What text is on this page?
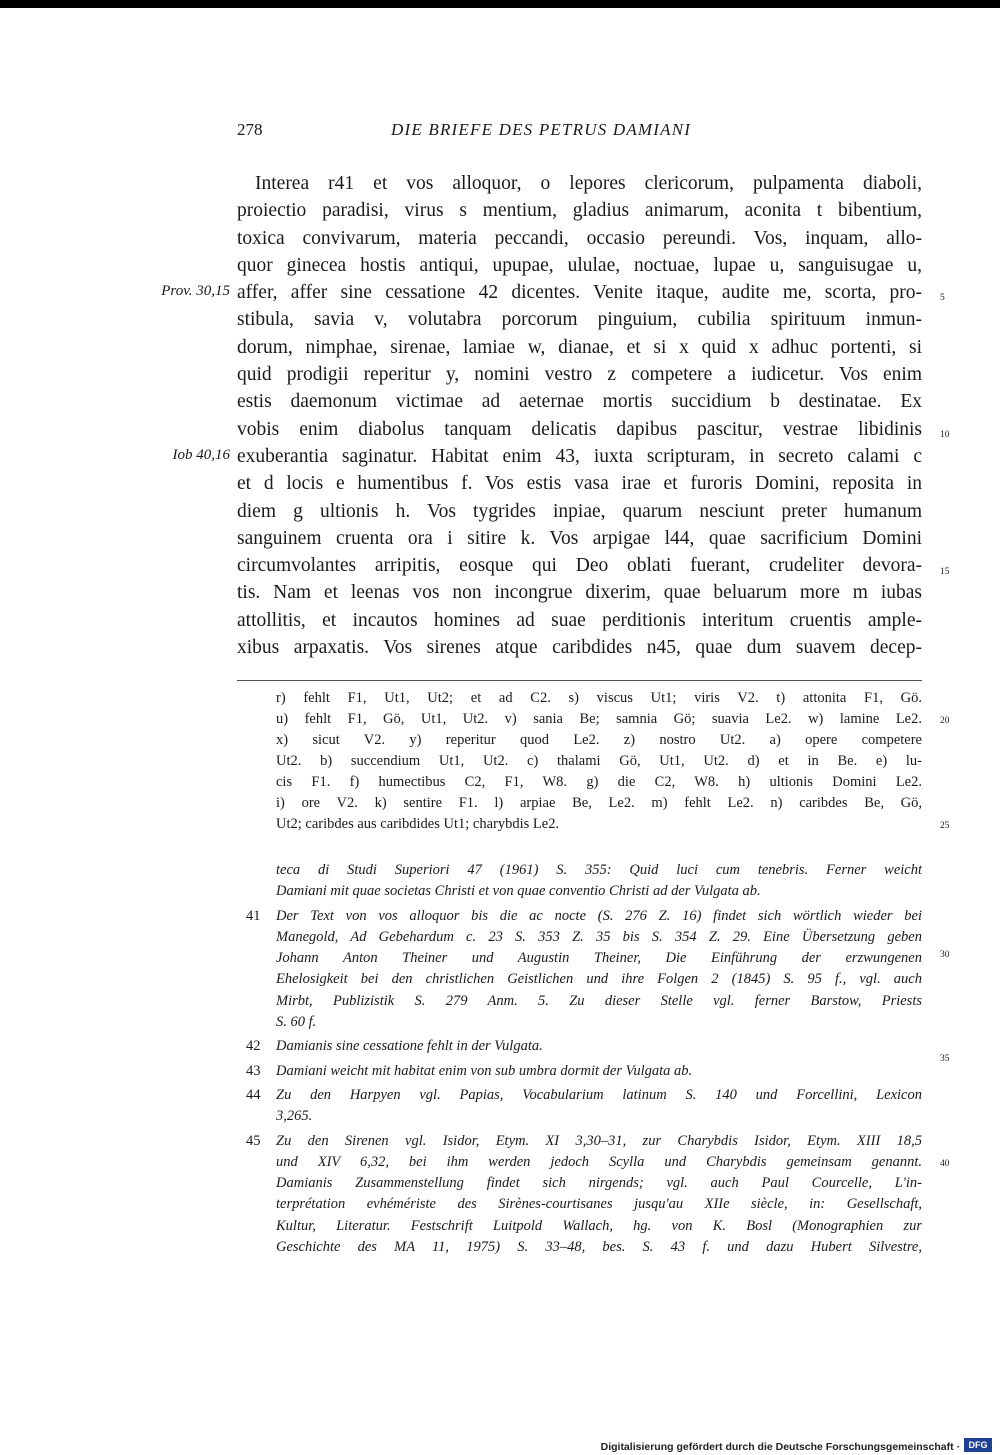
278	DIE BRIEFE DES PETRUS DAMIANI
Prov. 30,15
Iob 40,16
5
10
15
20
25
30
35
40
Interea r41 et vos alloquor, o lepores clericorum, pulpamenta diaboli,
proiectio paradisi, virus s mentium, gladius animarum, aconita t bibentium,
toxica convivarum, materia peccandi, occasio pereundi. Vos, inquam, allo-
quor ginecea hostis antiqui, upupae, ululae, noctuae, lupae u, sanguisugae u,
affer, affer sine cessatione 42 dicentes. Venite itaque, audite me, scorta, pro-
stibula, savia v, volutabra porcorum pinguium, cubilia spirituum inmun-
dorum, nimphae, sirenae, lamiae w, dianae, et si x quid x adhuc portenti, si
quid prodigii reperitur y, nomini vestro z competere a iudicetur. Vos enim
estis daemonum victimae ad aeternae mortis succidium b destinatae. Ex
vobis enim diabolus tanquam delicatis dapibus pascitur, vestrae libidinis
exuberantia saginatur. Habitat enim 43, iuxta scripturam, in secreto calami c
et d locis e humentibus f. Vos estis vasa irae et furoris Domini, reposita in
diem g ultionis h. Vos tygrides inpiae, quarum nesciunt preter humanum
sanguinem cruenta ora i sitire k. Vos arpigae l44, quae sacrificium Domini
circumvolantes arripitis, eosque qui Deo oblati fuerant, crudeliter devora-
tis. Nam et leenas vos non incongrue dixerim, quae beluarum more m iubas
attollitis, et incautos homines ad suae perditionis interitum cruentis ample-
xibus arpaxatis. Vos sirenes atque caribdides n45, quae dum suavem decep-
r) fehlt F1, Ut1, Ut2; et ad C2. s) viscus Ut1; viris V2. t) attonita F1, Gö.
u) fehlt F1, Gö, Ut1, Ut2. v) sania Be; samnia Gö; suavia Le2. w) lamine Le2.
x) sicut V2. y) reperitur quod Le2. z) nostro Ut2. a) opere competere
Ut2. b) succendium Ut1, Ut2. c) thalami Gö, Ut1, Ut2. d) et in Be. e) lu-
cis F1. f) humectibus C2, F1, W8. g) die C2, W8. h) ultionis Domini Le2.
i) ore V2. k) sentire F1. l) arpiae Be, Le2. m) fehlt Le2. n) caribdes Be, Gö,
Ut2; caribdes aus caribdides Ut1; charybdis Le2.
teca di Studi Superiori 47 (1961) S. 355: Quid luci cum tenebris. Ferner weicht
Damiani mit quae societas Christi et von quae conventio Christi ad der Vulgata ab.
41 Der Text von vos alloquor bis die ac nocte (S. 276 Z. 16) findet sich wörtlich wieder bei
Manegold, Ad Gebehardum c. 23 S. 353 Z. 35 bis S. 354 Z. 29. Eine Übersetzung geben
Johann Anton Theiner und Augustin Theiner, Die Einführung der erzwungenen
Ehelosigkeit bei den christlichen Geistlichen und ihre Folgen 2 (1845) S. 95 f., vgl. auch
Mirbt, Publizistik S. 279 Anm. 5. Zu dieser Stelle vgl. ferner Barstow, Priests
S. 60 f.
42 Damianis sine cessatione fehlt in der Vulgata.
43 Damiani weicht mit habitat enim von sub umbra dormit der Vulgata ab.
44 Zu den Harpyen vgl. Papias, Vocabularium latinum S. 140 und Forcellini, Lexicon
3,265.
45 Zu den Sirenen vgl. Isidor, Etym. XI 3,30–31, zur Charybdis Isidor, Etym. XIII 18,5
und XIV 6,32, bei ihm werden jedoch Scylla und Charybdis gemeinsam genannt.
Damianis Zusammenstellung findet sich nirgends; vgl. auch Paul Courcelle, L'in-
terprétation evhémériste des Sirènes-courtisanes jusqu'au XIIe siècle, in: Gesellschaft,
Kultur, Literatur. Festschrift Luitpold Wallach, hg. von K. Bosl (Monographien zur
Geschichte des MA 11, 1975) S. 33–48, bes. S. 43 f. und dazu Hubert Silvestre,
Digitalisierung gefördert durch die Deutsche Forschungsgemeinschaft · DFG
